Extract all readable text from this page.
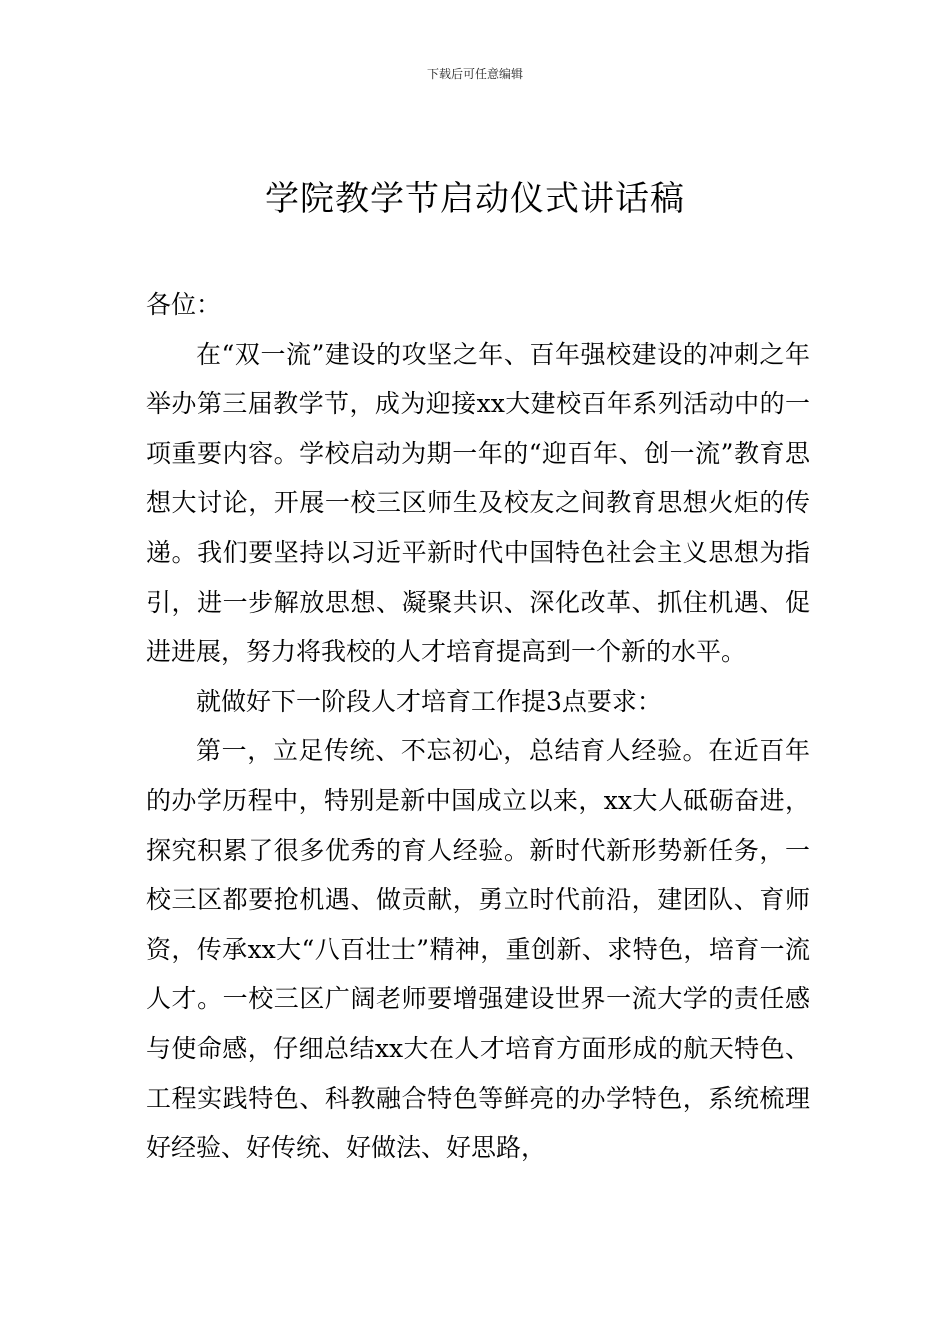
下载后可任意编辑
学院教学节启动仪式讲话稿

各位：

在“双一流”建设的攻坚之年、百年强校建设的冲刺之年举办第三届教学节，成为迎接xx大建校百年系列活动中的一项重要内容。学校启动为期一年的“迎百年、创一流”教育思想大讨论，开展一校三区师生及校友之间教育思想火炬的传递。我们要坚持以习近平新时代中国特色社会主义思想为指引，进一步解放思想、凝聚共识、深化改革、抓住机遇、促进进展，努力将我校的人才培育提高到一个新的水平。

就做好下一阶段人才培育工作提3点要求：

第一，立足传统、不忘初心，总结育人经验。在近百年的办学历程中，特别是新中国成立以来，xx大人砥砺奋进，探究积累了很多优秀的育人经验。新时代新形势新任务，一校三区都要抢机遇、做贡献，勇立时代前沿，建团队、育师资，传承xx大“八百壮士”精神，重创新、求特色，培育一流人才。一校三区广阔老师要增强建设世界一流大学的责任感与使命感，仔细总结xx大在人才培育方面形成的航天特色、工程实践特色、科教融合特色等鲜亮的办学特色，系统梳理好经验、好传统、好做法、好思路，
